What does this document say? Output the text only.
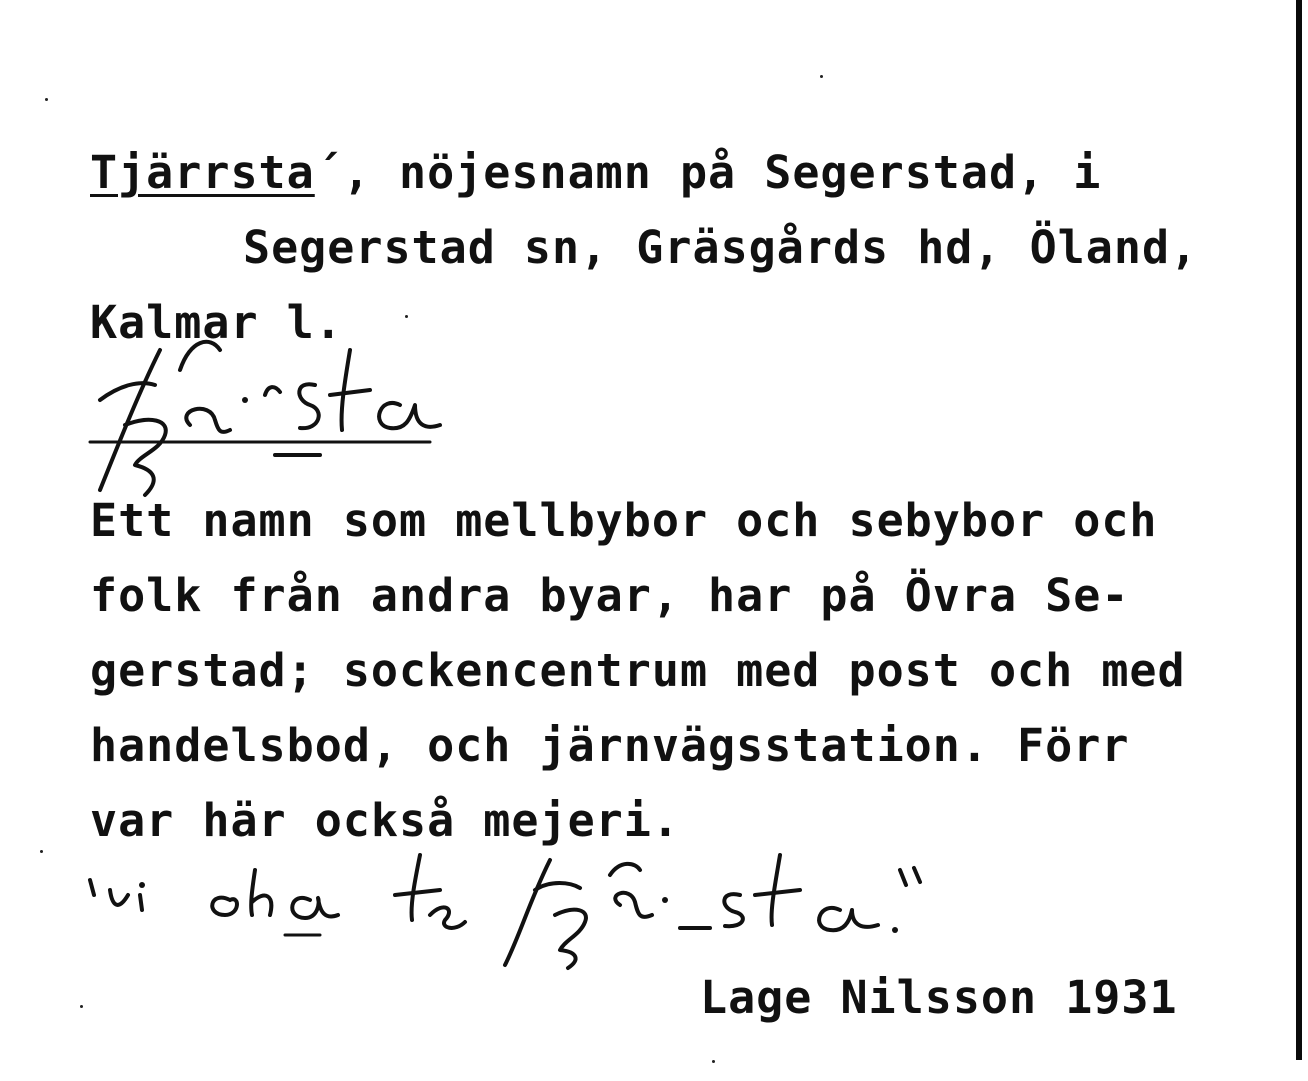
Tjärrsta´, nöjesnamn på Segerstad, i
Segerstad sn, Gräsgårds hd, Öland,
Kalmar l.
Ett namn som mellbybor och sebybor och
folk från andra byar, har på Övra Se-
gerstad; sockencentrum med post och med
handelsbod, och järnvägsstation. Förr
var här också mejeri.
Lage Nilsson 1931
